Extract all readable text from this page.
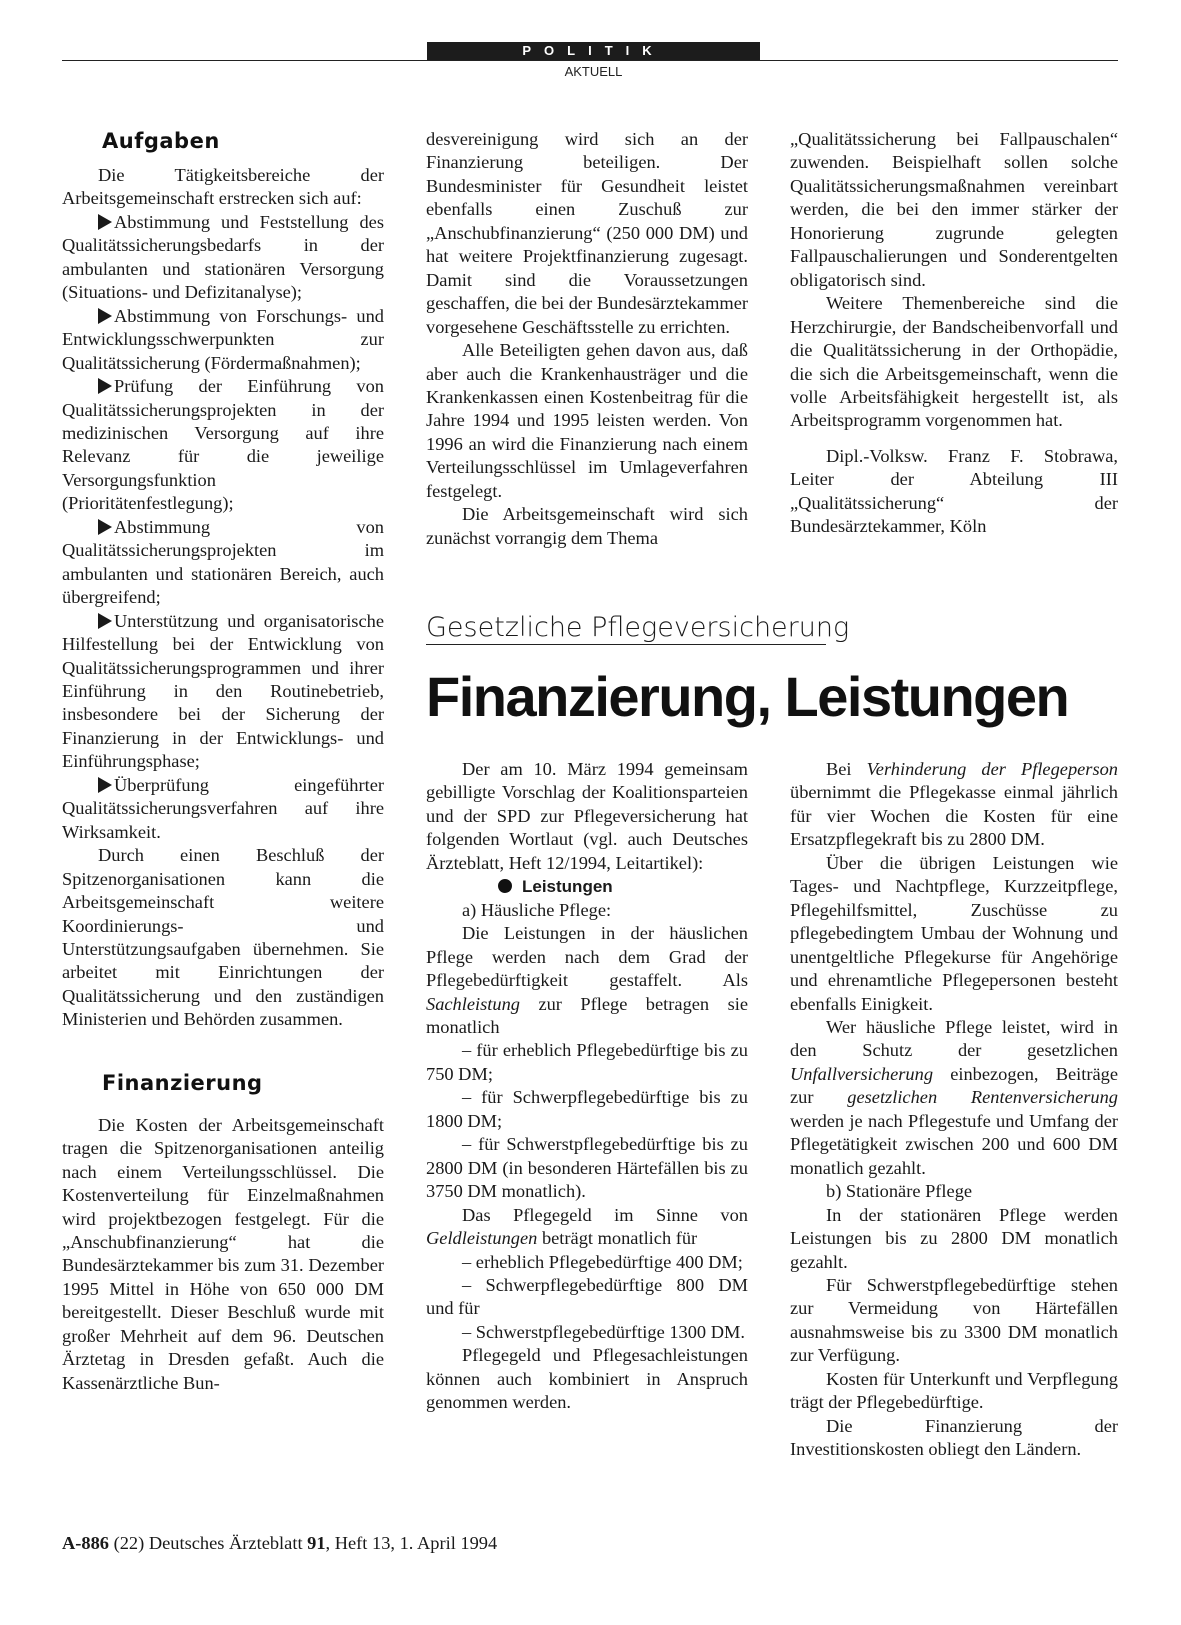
POLITIK
AKTUELL
Aufgaben

Die Tätigkeitsbereiche der Arbeitsgemeinschaft erstrecken sich auf:

Abstimmung und Feststellung des Qualitätssicherungsbedarfs in der ambulanten und stationären Versorgung (Situations- und Defizitanalyse);

Abstimmung von Forschungs- und Entwicklungsschwerpunkten zur Qualitätssicherung (Fördermaßnahmen);

Prüfung der Einführung von Qualitätssicherungsprojekten in der medizinischen Versorgung auf ihre Relevanz für die jeweilige Versorgungsfunktion (Prioritätenfestlegung);

Abstimmung von Qualitätssicherungsprojekten im ambulanten und stationären Bereich, auch übergreifend;

Unterstützung und organisatorische Hilfestellung bei der Entwicklung von Qualitätssicherungsprogrammen und ihrer Einführung in den Routinebetrieb, insbesondere bei der Sicherung der Finanzierung in der Entwicklungs- und Einführungsphase;

Überprüfung eingeführter Qualitätssicherungsverfahren auf ihre Wirksamkeit.

Durch einen Beschluß der Spitzenorganisationen kann die Arbeitsgemeinschaft weitere Koordinierungs- und Unterstützungsaufgaben übernehmen. Sie arbeitet mit Einrichtungen der Qualitätssicherung und den zuständigen Ministerien und Behörden zusammen.

Finanzierung

Die Kosten der Arbeitsgemeinschaft tragen die Spitzenorganisationen anteilig nach einem Verteilungsschlüssel. Die Kostenverteilung für Einzelmaßnahmen wird projektbezogen festgelegt. Für die „Anschubfinanzierung“ hat die Bundesärztekammer bis zum 31. Dezember 1995 Mittel in Höhe von 650 000 DM bereitgestellt. Dieser Beschluß wurde mit großer Mehrheit auf dem 96. Deutschen Ärztetag in Dresden gefaßt. Auch die Kassenärztliche Bun-

desvereinigung wird sich an der Finanzierung beteiligen. Der Bundesminister für Gesundheit leistet ebenfalls einen Zuschuß zur „Anschubfinanzierung“ (250 000 DM) und hat weitere Projektfinanzierung zugesagt. Damit sind die Voraussetzungen geschaffen, die bei der Bundesärztekammer vorgesehene Geschäftsstelle zu errichten.

Alle Beteiligten gehen davon aus, daß aber auch die Krankenhausträger und die Krankenkassen einen Kostenbeitrag für die Jahre 1994 und 1995 leisten werden. Von 1996 an wird die Finanzierung nach einem Verteilungsschlüssel im Umlageverfahren festgelegt.

Die Arbeitsgemeinschaft wird sich zunächst vorrangig dem Thema

„Qualitätssicherung bei Fallpauschalen“ zuwenden. Beispielhaft sollen solche Qualitätssicherungsmaßnahmen vereinbart werden, die bei den immer stärker der Honorierung zugrunde gelegten Fallpauschalierungen und Sonderentgelten obligatorisch sind.

Weitere Themenbereiche sind die Herzchirurgie, der Bandscheibenvorfall und die Qualitätssicherung in der Orthopädie, die sich die Arbeitsgemeinschaft, wenn die volle Arbeitsfähigkeit hergestellt ist, als Arbeitsprogramm vorgenommen hat.

Dipl.-Volksw. Franz F. Stobrawa, Leiter der Abteilung III „Qualitätssicherung“ der Bundesärztekammer, Köln

Gesetzliche Pflegeversicherung
Finanzierung, Leistungen

Der am 10. März 1994 gemeinsam gebilligte Vorschlag der Koalitionsparteien und der SPD zur Pflegeversicherung hat folgenden Wortlaut (vgl. auch Deutsches Ärzteblatt, Heft 12/1994, Leitartikel):

Leistungen

a) Häusliche Pflege:

Die Leistungen in der häuslichen Pflege werden nach dem Grad der Pflegebedürftigkeit gestaffelt. Als Sachleistung zur Pflege betragen sie monatlich

– für erheblich Pflegebedürftige bis zu 750 DM;

– für Schwerpflegebedürftige bis zu 1800 DM;

– für Schwerstpflegebedürftige bis zu 2800 DM (in besonderen Härtefällen bis zu 3750 DM monatlich).

Das Pflegegeld im Sinne von Geldleistungen beträgt monatlich für

– erheblich Pflegebedürftige 400 DM;

– Schwerpflegebedürftige 800 DM und für

– Schwerstpflegebedürftige 1300 DM.

Pflegegeld und Pflegesachleistungen können auch kombiniert in Anspruch genommen werden.

Bei Verhinderung der Pflegeperson übernimmt die Pflegekasse einmal jährlich für vier Wochen die Kosten für eine Ersatzpflegekraft bis zu 2800 DM.

Über die übrigen Leistungen wie Tages- und Nachtpflege, Kurzzeitpflege, Pflegehilfsmittel, Zuschüsse zu pflegebedingtem Umbau der Wohnung und unentgeltliche Pflegekurse für Angehörige und ehrenamtliche Pflegepersonen besteht ebenfalls Einigkeit.

Wer häusliche Pflege leistet, wird in den Schutz der gesetzlichen Unfallversicherung einbezogen, Beiträge zur gesetzlichen Rentenversicherung werden je nach Pflegestufe und Umfang der Pflegetätigkeit zwischen 200 und 600 DM monatlich gezahlt.

b) Stationäre Pflege

In der stationären Pflege werden Leistungen bis zu 2800 DM monatlich gezahlt.

Für Schwerstpflegebedürftige stehen zur Vermeidung von Härtefällen ausnahmsweise bis zu 3300 DM monatlich zur Verfügung.

Kosten für Unterkunft und Verpflegung trägt der Pflegebedürftige.

Die Finanzierung der Investitionskosten obliegt den Ländern.

A-886 (22) Deutsches Ärzteblatt 91, Heft 13, 1. April 1994
